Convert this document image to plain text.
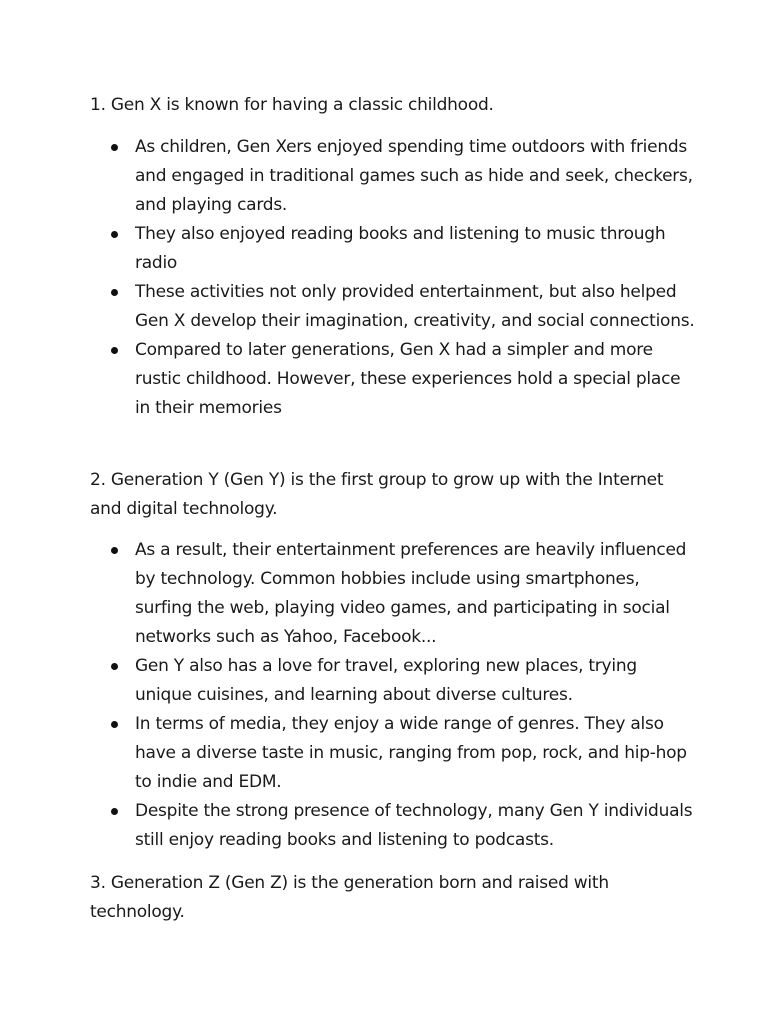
1. Gen X is known for having a classic childhood.

As children, Gen Xers enjoyed spending time outdoors with friends and engaged in traditional games such as hide and seek, checkers, and playing cards.
They also enjoyed reading books and listening to music through radio
These activities not only provided entertainment, but also helped Gen X develop their imagination, creativity, and social connections.
Compared to later generations, Gen X had a simpler and more rustic childhood. However, these experiences hold a special place in their memories

2. Generation Y (Gen Y) is the first group to grow up with the Internet and digital technology.

As a result, their entertainment preferences are heavily influenced by technology. Common hobbies include using smartphones, surfing the web, playing video games, and participating in social networks such as Yahoo, Facebook...
Gen Y also has a love for travel, exploring new places, trying unique cuisines, and learning about diverse cultures.
In terms of media, they enjoy a wide range of genres. They also have a diverse taste in music, ranging from pop, rock, and hip-hop to indie and EDM.
Despite the strong presence of technology, many Gen Y individuals still enjoy reading books and listening to podcasts.

3. Generation Z (Gen Z) is the generation born and raised with technology.
